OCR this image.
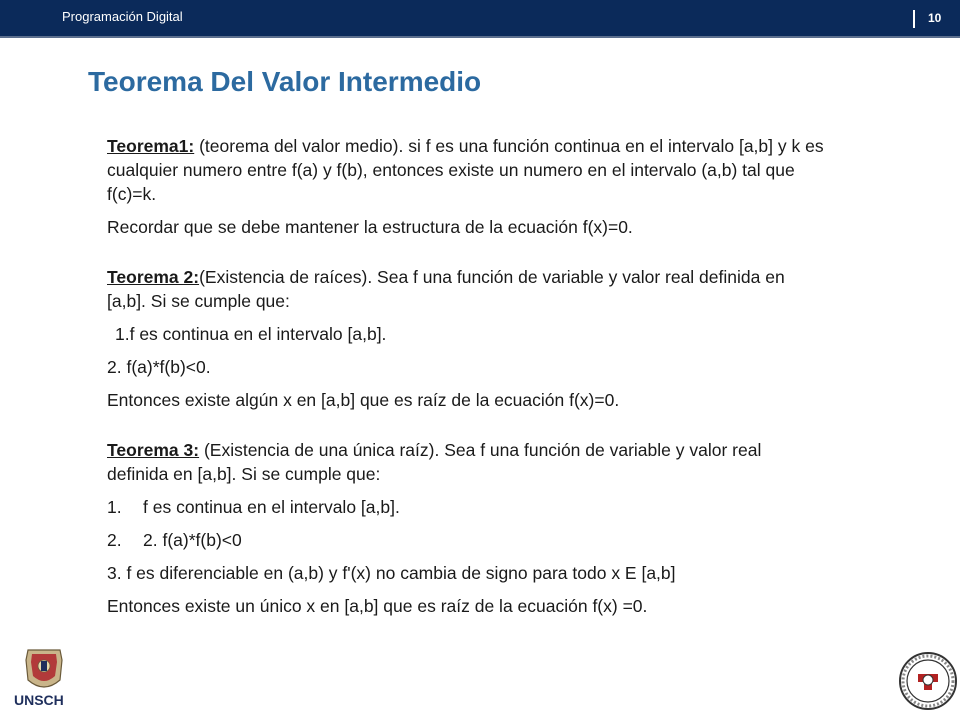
Programación Digital	10
Teorema Del Valor Intermedio

Teorema1: (teorema del valor medio). si f es una función continua en el intervalo [a,b] y k es cualquier numero entre f(a) y f(b), entonces existe un numero en el intervalo (a,b) tal que f(c)=k.

Recordar que se debe mantener la estructura de la ecuación f(x)=0.

Teorema 2:(Existencia de raíces). Sea f una función de variable y valor real definida en [a,b]. Si se cumple que:

1.f es continua en el intervalo [a,b].

2. f(a)*f(b)<0.

Entonces existe algún x en [a,b] que es raíz de la ecuación f(x)=0.

Teorema 3: (Existencia de una única raíz). Sea f una función de variable y valor real definida en [a,b]. Si se cumple que:

1. f es continua en el intervalo [a,b].

2. 2. f(a)*f(b)<0

3. f es diferenciable en (a,b) y f'(x) no cambia de signo para todo x E [a,b]

Entonces existe un único x en [a,b] que es raíz de la ecuación f(x) =0.

UNSCH
